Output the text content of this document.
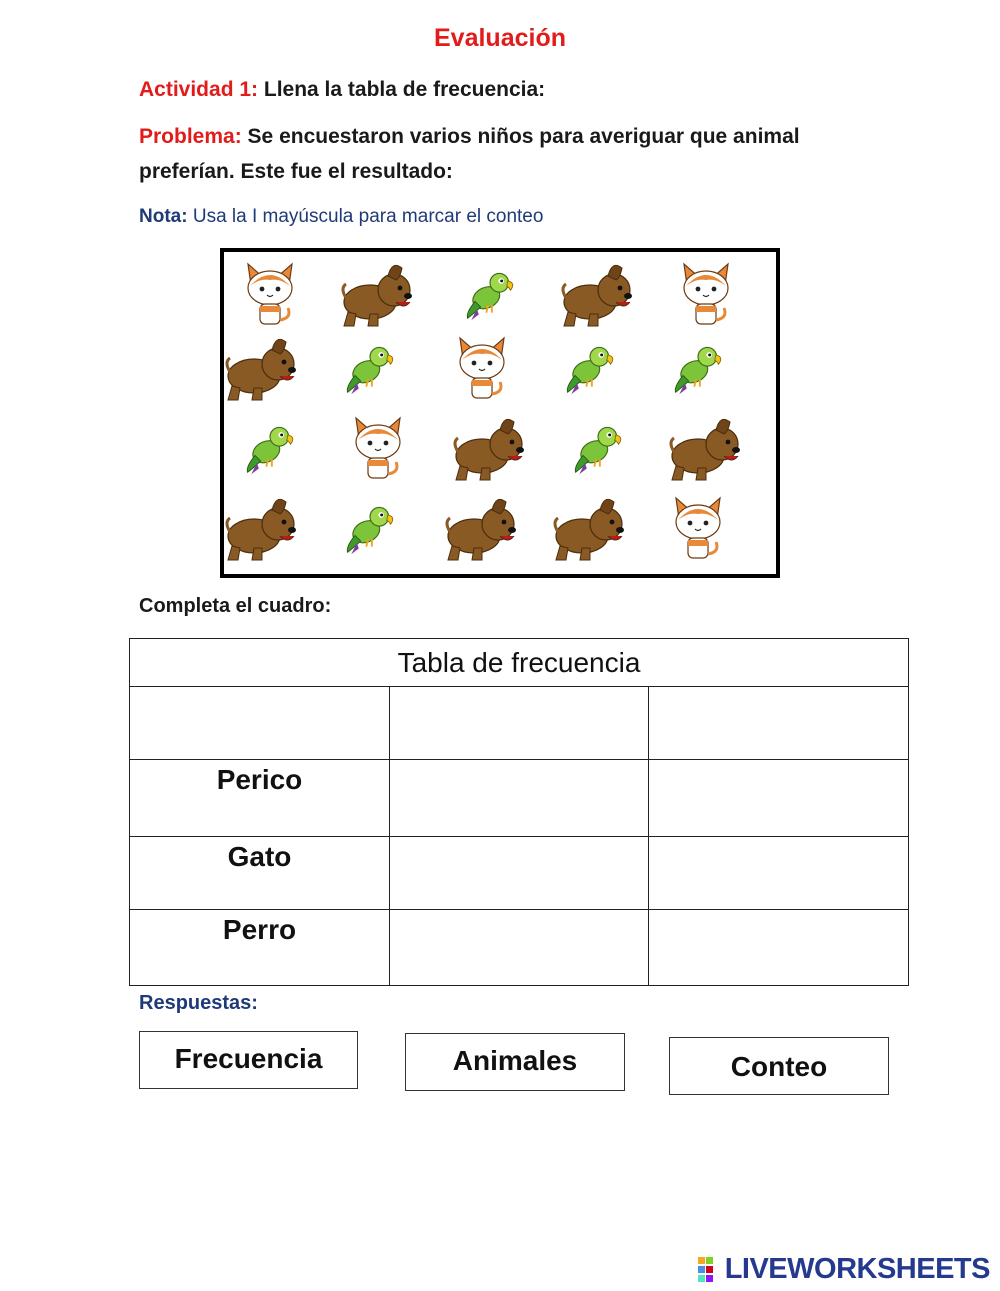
Evaluación
Actividad 1: Llena la tabla de frecuencia:
Problema: Se encuestaron varios niños para averiguar que animal
preferían. Este fue el resultado:
Nota: Usa la I mayúscula para marcar el conteo
Completa el cuadro:
Tabla de frecuencia		

Perico		
Gato		
Perro		
Respuestas:
Frecuencia	Animales	Conteo
LIVEWORKSHEETS
